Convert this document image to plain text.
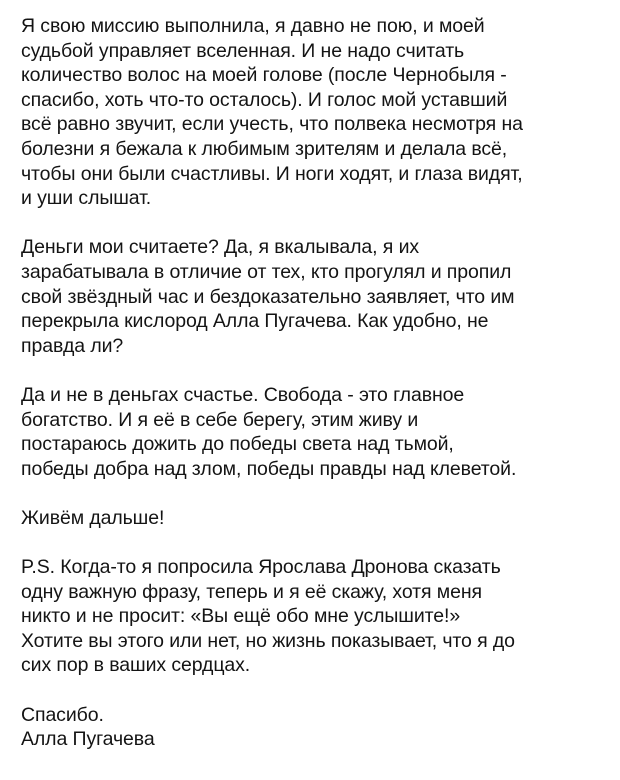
Я свою миссию выполнила, я давно не пою, и моей
судьбой управляет вселенная. И не надо считать
количество волос на моей голове (после Чернобыля -
спасибо, хоть что-то осталось). И голос мой уставший
всё равно звучит, если учесть, что полвека несмотря на
болезни я бежала к любимым зрителям и делала всё,
чтобы они были счастливы. И ноги ходят, и глаза видят,
и уши слышат.
Деньги мои считаете? Да, я вкалывала, я их
зарабатывала в отличие от тех, кто прогулял и пропил
свой звёздный час и бездоказательно заявляет, что им
перекрыла кислород Алла Пугачева. Как удобно, не
правда ли?
Да и не в деньгах счастье. Свобода - это главное
богатство. И я её в себе берегу, этим живу и
постараюсь дожить до победы света над тьмой,
победы добра над злом, победы правды над клеветой.
Живём дальше!
P.S. Когда-то я попросила Ярослава Дронова сказать
одну важную фразу, теперь и я её скажу, хотя меня
никто и не просит: «Вы ещё обо мне услышите!»
Хотите вы этого или нет, но жизнь показывает, что я до
сих пор в ваших сердцах.
Спасибо.
Алла Пугачева
